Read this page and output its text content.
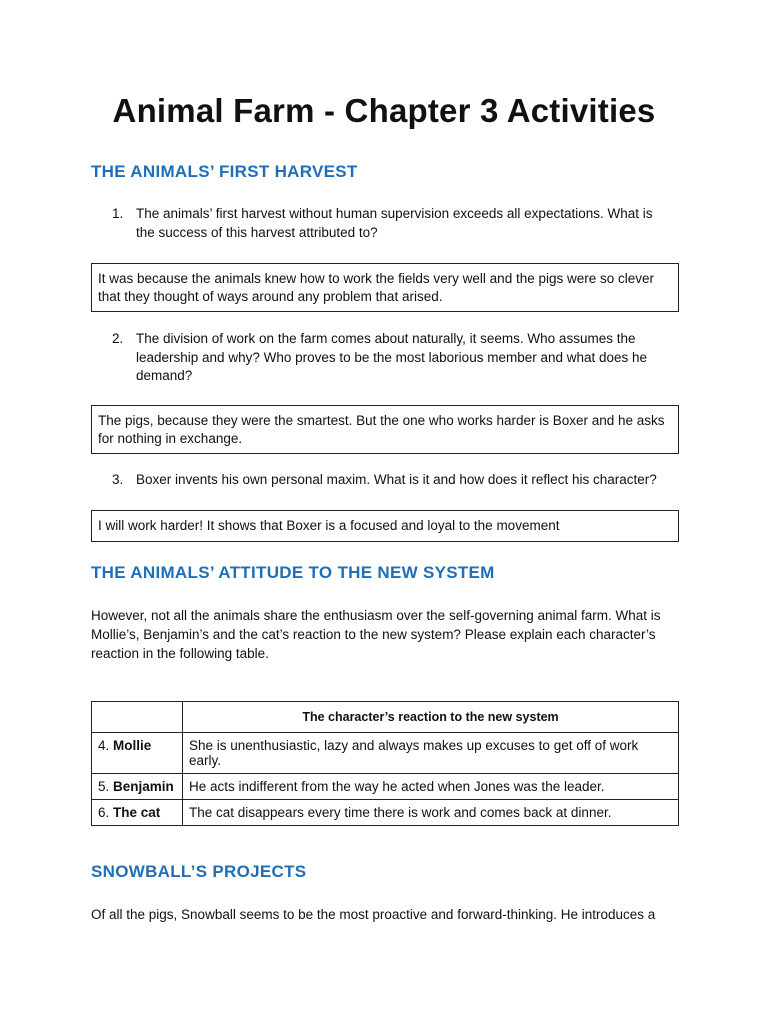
Animal Farm - Chapter 3 Activities
THE ANIMALS’ FIRST HARVEST
1. The animals’ first harvest without human supervision exceeds all expectations. What is the success of this harvest attributed to?
It was because the animals knew how to work the fields very well and the pigs were so clever that they thought of ways around any problem that arised.
2. The division of work on the farm comes about naturally, it seems. Who assumes the leadership and why? Who proves to be the most laborious member and what does he demand?
The pigs, because they were the smartest. But the one who works harder is Boxer and he asks for nothing in exchange.
3. Boxer invents his own personal maxim. What is it and how does it reflect his character?
I will work harder! It shows that Boxer is a focused and loyal to the movement
THE ANIMALS’ ATTITUDE TO THE NEW SYSTEM
However, not all the animals share the enthusiasm over the self-governing animal farm. What is Mollie’s, Benjamin’s and the cat’s reaction to the new system? Please explain each character’s reaction in the following table.
	The character’s reaction to the new system
4. Mollie	She is unenthusiastic, lazy and always makes up excuses to get off of work early.
5. Benjamin	He acts indifferent from the way he acted when Jones was the leader.
6. The cat	The cat disappears every time there is work and comes back at dinner.
SNOWBALL’S PROJECTS
Of all the pigs, Snowball seems to be the most proactive and forward-thinking. He introduces a
